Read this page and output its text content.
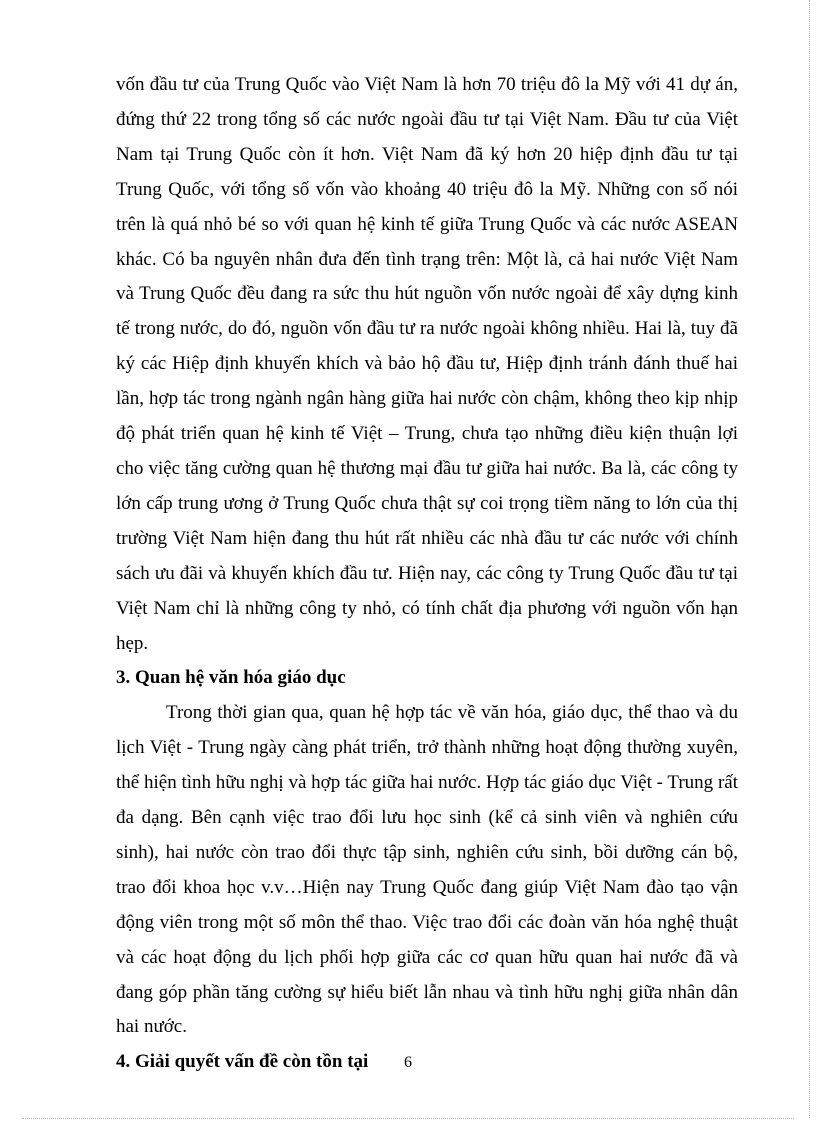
vốn đầu tư của Trung Quốc vào Việt Nam là hơn 70 triệu đô la Mỹ với 41 dự án, đứng thứ 22 trong tổng số các nước ngoài đầu tư tại Việt Nam. Đầu tư của Việt Nam tại Trung Quốc còn ít hơn. Việt Nam đã ký hơn 20 hiệp định đầu tư tại Trung Quốc, với tổng số vốn vào khoảng 40 triệu đô la Mỹ. Những con số nói trên là quá nhỏ bé so với quan hệ kinh tế giữa Trung Quốc và các nước ASEAN khác. Có ba nguyên nhân đưa đến tình trạng trên: Một là, cả hai nước Việt Nam và Trung Quốc đều đang ra sức thu hút nguồn vốn nước ngoài để xây dựng kinh tế trong nước, do đó, nguồn vốn đầu tư ra nước ngoài không nhiều. Hai là, tuy đã ký các Hiệp định khuyến khích và bảo hộ đầu tư, Hiệp định tránh đánh thuế hai lần, hợp tác trong ngành ngân hàng giữa hai nước còn chậm, không theo kịp nhịp độ phát triển quan hệ kinh tế Việt – Trung, chưa tạo những điều kiện thuận lợi cho việc tăng cường quan hệ thương mại đầu tư giữa hai nước. Ba là, các công ty lớn cấp trung ương ở Trung Quốc chưa thật sự coi trọng tiềm năng to lớn của thị trường Việt Nam hiện đang thu hút rất nhiều các nhà đầu tư các nước với chính sách ưu đãi và khuyến khích đầu tư. Hiện nay, các công ty Trung Quốc đầu tư tại Việt Nam chỉ là những công ty nhỏ, có tính chất địa phương với nguồn vốn hạn hẹp.

3. Quan hệ văn hóa giáo dục

Trong thời gian qua, quan hệ hợp tác về văn hóa, giáo dục, thể thao và du lịch Việt - Trung ngày càng phát triển, trở thành những hoạt động thường xuyên, thể hiện tình hữu nghị và hợp tác giữa hai nước. Hợp tác giáo dục Việt - Trung rất đa dạng. Bên cạnh việc trao đổi lưu học sinh (kể cả sinh viên và nghiên cứu sinh), hai nước còn trao đổi thực tập sinh, nghiên cứu sinh, bồi dưỡng cán bộ, trao đổi khoa học v.v…Hiện nay Trung Quốc đang giúp Việt Nam đào tạo vận động viên trong một số môn thể thao. Việc trao đổi các đoàn văn hóa nghệ thuật và các hoạt động du lịch phối hợp giữa các cơ quan hữu quan hai nước đã và đang góp phần tăng cường sự hiểu biết lẫn nhau và tình hữu nghị giữa nhân dân hai nước.

4. Giải quyết vấn đề còn tồn tại	6
